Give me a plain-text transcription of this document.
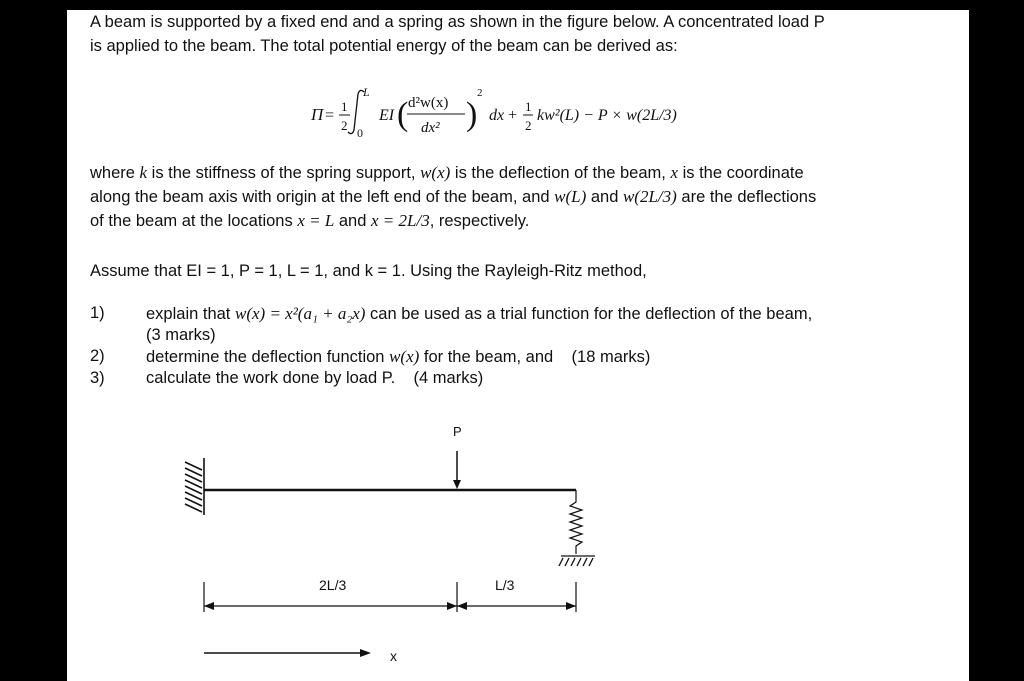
A beam is supported by a fixed end and a spring as shown in the figure below. A concentrated load P
is applied to the beam. The total potential energy of the beam can be derived as:
Π =
1
2
L
0
EI ( d²w(x)
dx² )
2
dx +
1
2
kw²(L) − P × w(2L/3)
where k is the stiffness of the spring support, w(x) is the deflection of the beam, x is the coordinate
along the beam axis with origin at the left end of the beam, and w(L) and w(2L/3) are the deflections
of the beam at the locations x = L and x = 2L/3, respectively.
Assume that EI = 1, P = 1, L = 1, and k = 1. Using the Rayleigh-Ritz method,
1)	explain that w(x) = x²(a₁ + a₂x) can be used as a trial function for the deflection of the beam,
(3 marks)
2)	determine the deflection function w(x) for the beam, and    (18 marks)
3)	calculate the work done by load P.    (4 marks)
P
2L/3	L/3
x
